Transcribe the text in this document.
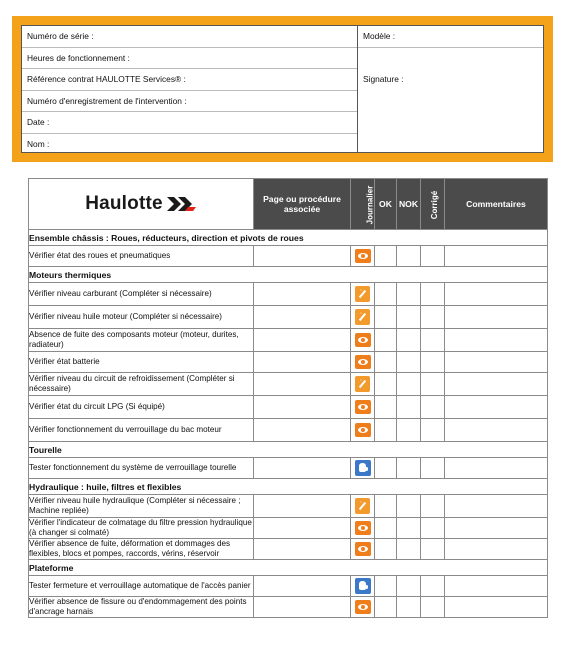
Numéro de série :
Heures de fonctionnement :
Référence contrat HAULOTTE Services® :
Numéro d'enregistrement de l'intervention :
Date :
Nom :
Modèle :
Signature :
Haulotte	Page ou procédure associée	Journalier	OK	NOK	Corrigé	Commentaires
Ensemble châssis : Roues, réducteurs, direction et pivots de roues						
Vérifier état des roues et pneumatiques						
Moteurs thermiques						
Vérifier niveau carburant (Compléter si nécessaire)						
Vérifier niveau huile moteur (Compléter si nécessaire)						
Absence de fuite des composants moteur (moteur, durites, radiateur)						
Vérifier état batterie						
Vérifier niveau du circuit de refroidissement (Compléter si nécessaire)						
Vérifier état du circuit LPG (Si équipé)						
Vérifier fonctionnement du verrouillage du bac moteur						
Tourelle						
Tester fonctionnement du système de verrouillage tourelle						
Hydraulique : huile, filtres et flexibles						
Vérifier niveau huile hydraulique (Compléter si nécessaire ; Machine repliée)						
Vérifier l'indicateur de colmatage du filtre pression hydraulique (à changer si colmaté)						
Vérifier absence de fuite, déformation et dommages des flexibles, blocs et pompes, raccords, vérins, réservoir						
Plateforme						
Tester fermeture et verrouillage automatique de l'accès panier						
Vérifier absence de fissure ou d'endommagement des points d'ancrage harnais						
